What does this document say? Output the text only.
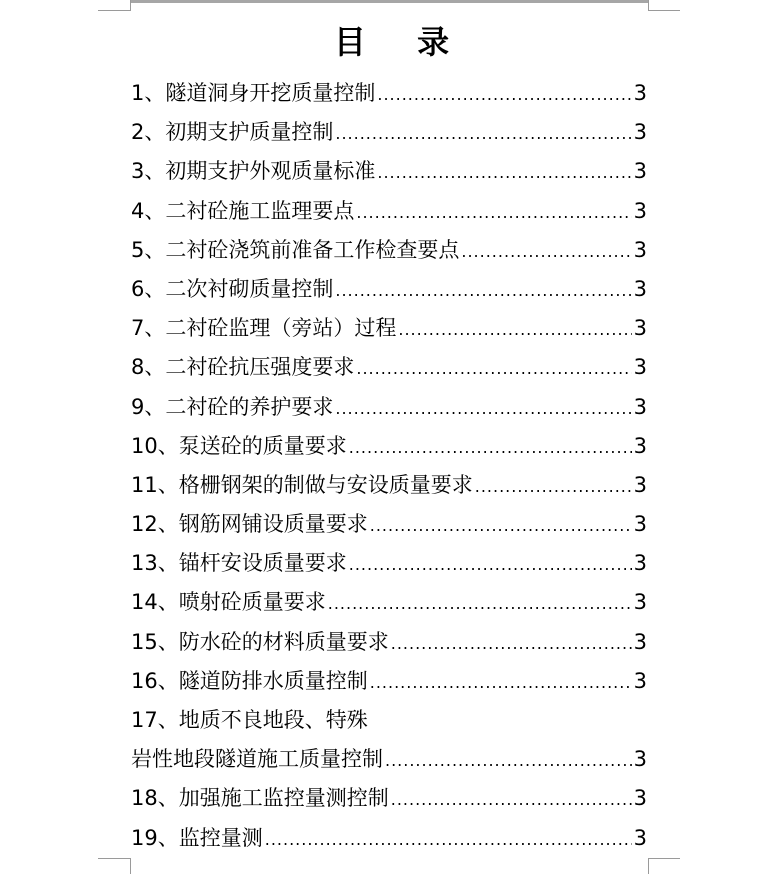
目 录
1、隧道洞身开挖质量控制 .....	3
2、初期支护质量控制 .....	3
3、初期支护外观质量标准 .....	3
4、二衬砼施工监理要点 .....	3
5、二衬砼浇筑前准备工作检查要点 .....	3
6、二次衬砌质量控制 .....	3
7、二衬砼监理（旁站）过程 .....	3
8、二衬砼抗压强度要求 .....	3
9、二衬砼的养护要求 .....	3
10、泵送砼的质量要求 .....	3
11、格栅钢架的制做与安设质量要求 .....	3
12、钢筋网铺设质量要求 .....	3
13、锚杆安设质量要求 .....	3
14、喷射砼质量要求 .....	3
15、防水砼的材料质量要求 .....	3
16、隧道防排水质量控制 .....	3
17、地质不良地段、特殊
岩性地段隧道施工质量控制 .....	3
18、加强施工监控量测控制 .....	3
19、监控量测 .....	3
